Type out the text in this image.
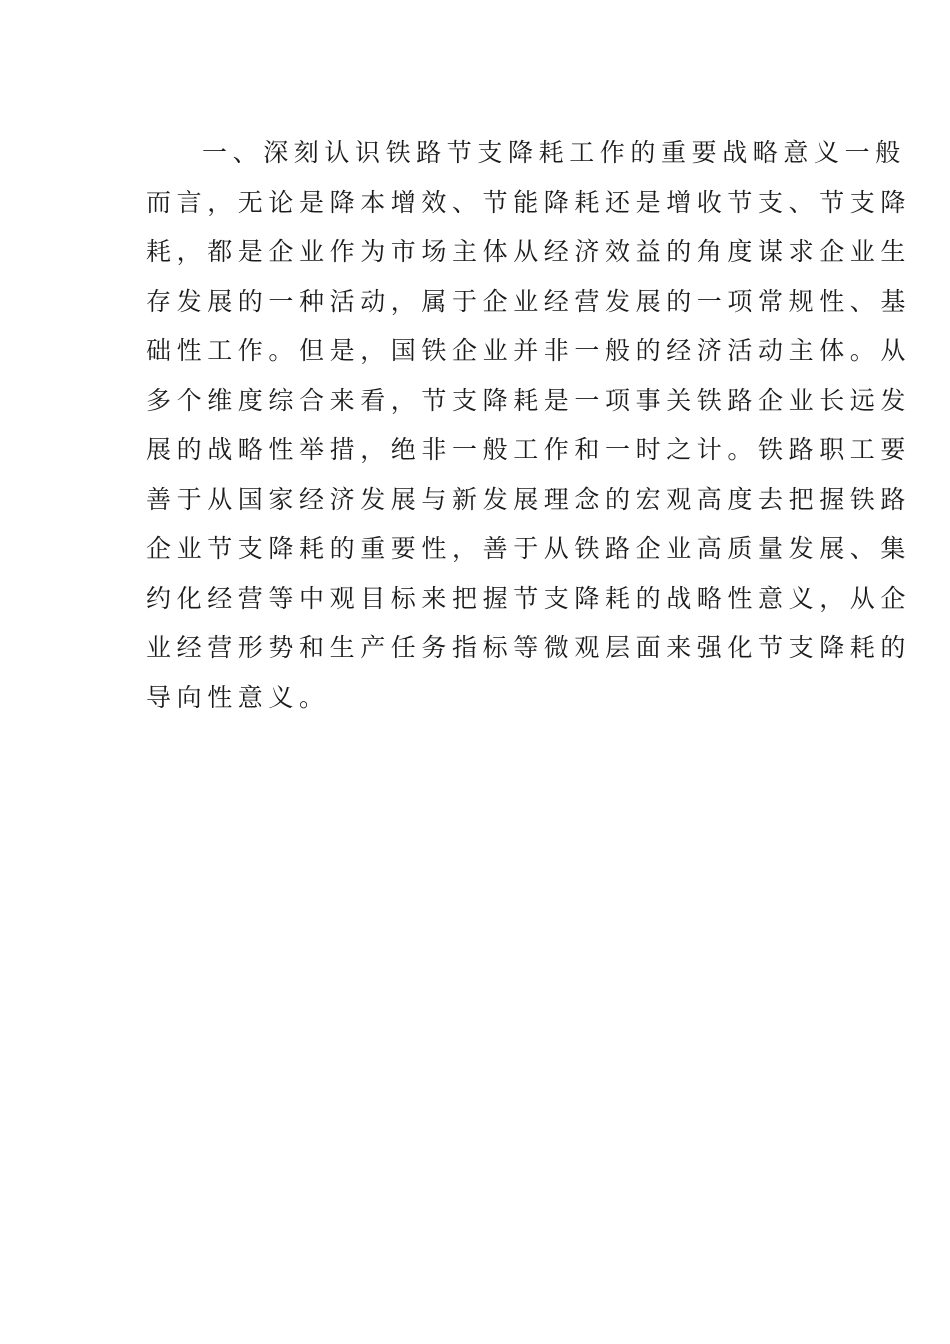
一、深刻认识铁路节支降耗工作的重要战略意义一般
而言，无论是降本增效、节能降耗还是增收节支、节支降
耗，都是企业作为市场主体从经济效益的角度谋求企业生
存发展的一种活动，属于企业经营发展的一项常规性、基
础性工作。但是，国铁企业并非一般的经济活动主体。从
多个维度综合来看，节支降耗是一项事关铁路企业长远发
展的战略性举措，绝非一般工作和一时之计。铁路职工要
善于从国家经济发展与新发展理念的宏观高度去把握铁路
企业节支降耗的重要性，善于从铁路企业高质量发展、集
约化经营等中观目标来把握节支降耗的战略性意义，从企
业经营形势和生产任务指标等微观层面来强化节支降耗的
导向性意义。
